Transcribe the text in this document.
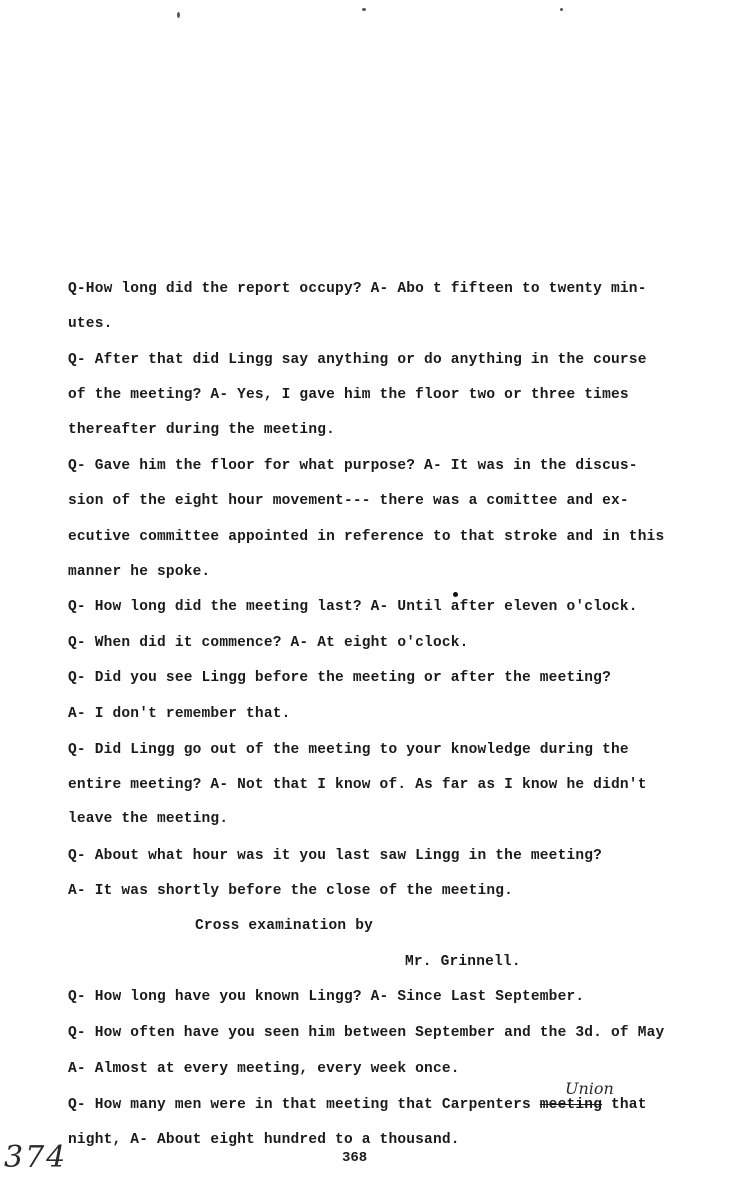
Q-How long did the report occupy? A- Abo t fifteen to twenty min-
utes.
Q- After that did Lingg say anything or do anything in the course
of the meeting? A- Yes, I gave him the floor two or three times
thereafter during the meeting.
Q- Gave him the floor for what purpose? A- It was in the discus-
sion of the eight hour movement--- there was a comittee and ex-
ecutive committee appointed in reference to that stroke and in this
manner he spoke.
Q- How long did the meeting last? A- Until after eleven o'clock.
Q- When did it commence? A- At eight o'clock.
Q- Did you see Lingg before the meeting or after the meeting?
A- I don't remember that.
Q- Did Lingg go out of the meeting to your knowledge during the
entire meeting? A- Not that I know of. As far as I know he didn't
leave the meeting.
Q- About what hour was it you last saw Lingg in the meeting?
A- It was shortly before the close of the meeting.
Cross examination by
Mr. Grinnell.
Q- How long have you known Lingg? A- Since Last September.
Q- How often have you seen him between September and the 3d. of May
A- Almost at every meeting, every week once.
Q- How many men were in that meeting that Carpenters meeting that
Union
night, A- About eight hundred to a thousand.
368
374
